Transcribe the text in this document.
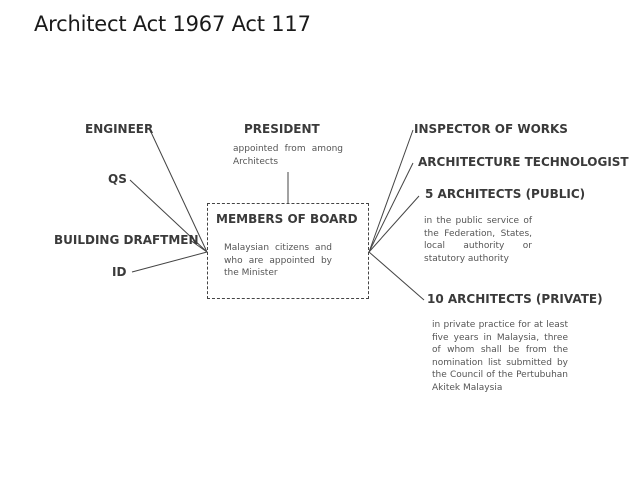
Architect Act 1967 Act 117
ENGINEER
QS
BUILDING DRAFTMEN
ID
PRESIDENT
appointed from among Architects
MEMBERS OF BOARD
Malaysian citizens and who are appointed by the Minister
INSPECTOR OF WORKS
ARCHITECTURE TECHNOLOGIST
5 ARCHITECTS (PUBLIC)
in the public service of the Federation, States, local authority or statutory authority
10 ARCHITECTS (PRIVATE)
in private practice for at least five years in Malaysia, three of whom shall be from the nomination list submitted by the Council of the Pertubuhan Akitek Malaysia
